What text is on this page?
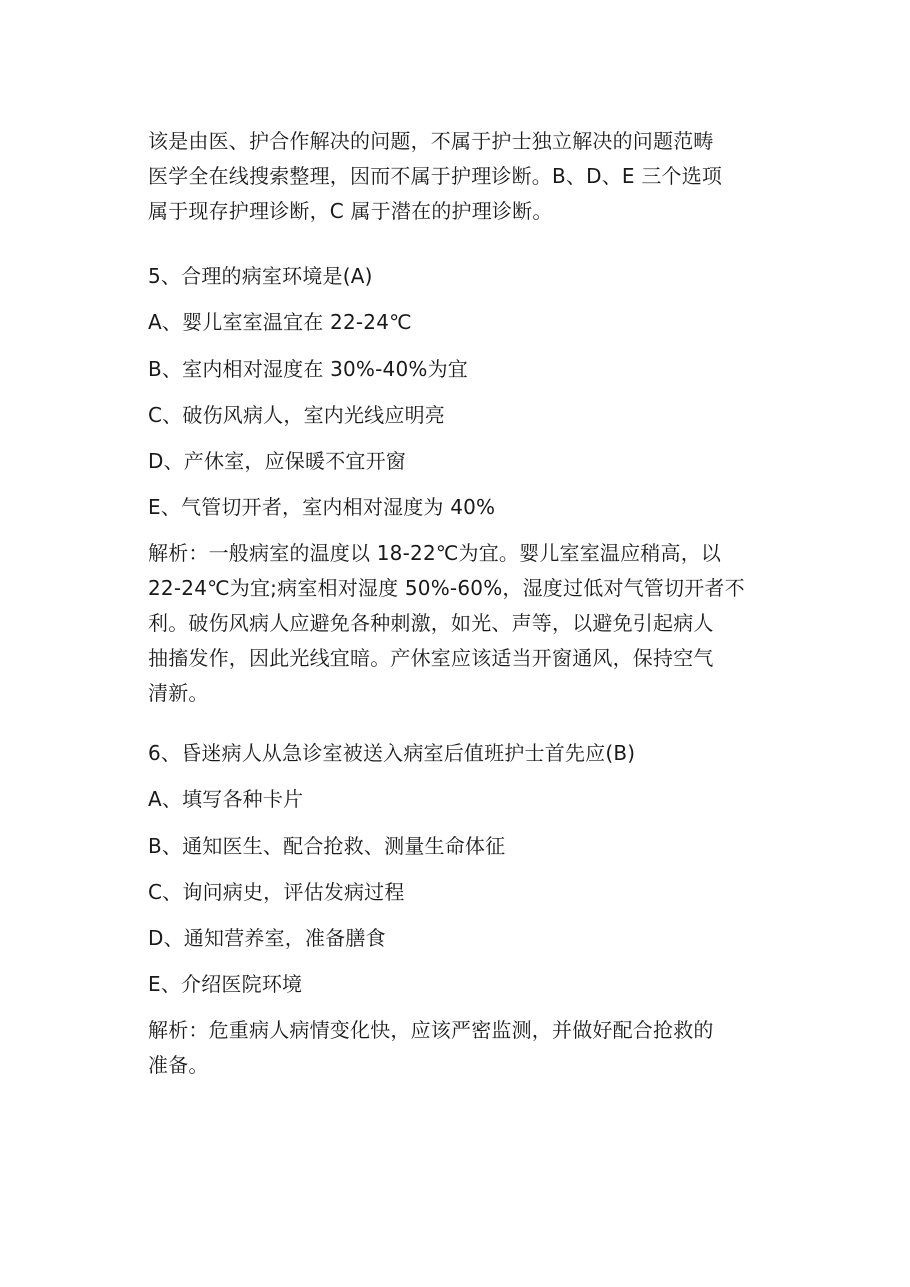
该是由医、护合作解决的问题，不属于护士独立解决的问题范畴
医学全在线搜索整理，因而不属于护理诊断。B、D、E 三个选项
属于现存护理诊断，C 属于潜在的护理诊断。
5、合理的病室环境是(A)
A、婴儿室室温宜在 22-24℃
B、室内相对湿度在 30%-40%为宜
C、破伤风病人，室内光线应明亮
D、产休室，应保暖不宜开窗
E、气管切开者，室内相对湿度为 40%
解析：一般病室的温度以 18-22℃为宜。婴儿室室温应稍高，以
22-24℃为宜;病室相对湿度 50%-60%，湿度过低对气管切开者不
利。破伤风病人应避免各种刺激，如光、声等，以避免引起病人
抽搐发作，因此光线宜暗。产休室应该适当开窗通风，保持空气
清新。
6、昏迷病人从急诊室被送入病室后值班护士首先应(B)
A、填写各种卡片
B、通知医生、配合抢救、测量生命体征
C、询问病史，评估发病过程
D、通知营养室，准备膳食
E、介绍医院环境
解析：危重病人病情变化快，应该严密监测，并做好配合抢救的
准备。
